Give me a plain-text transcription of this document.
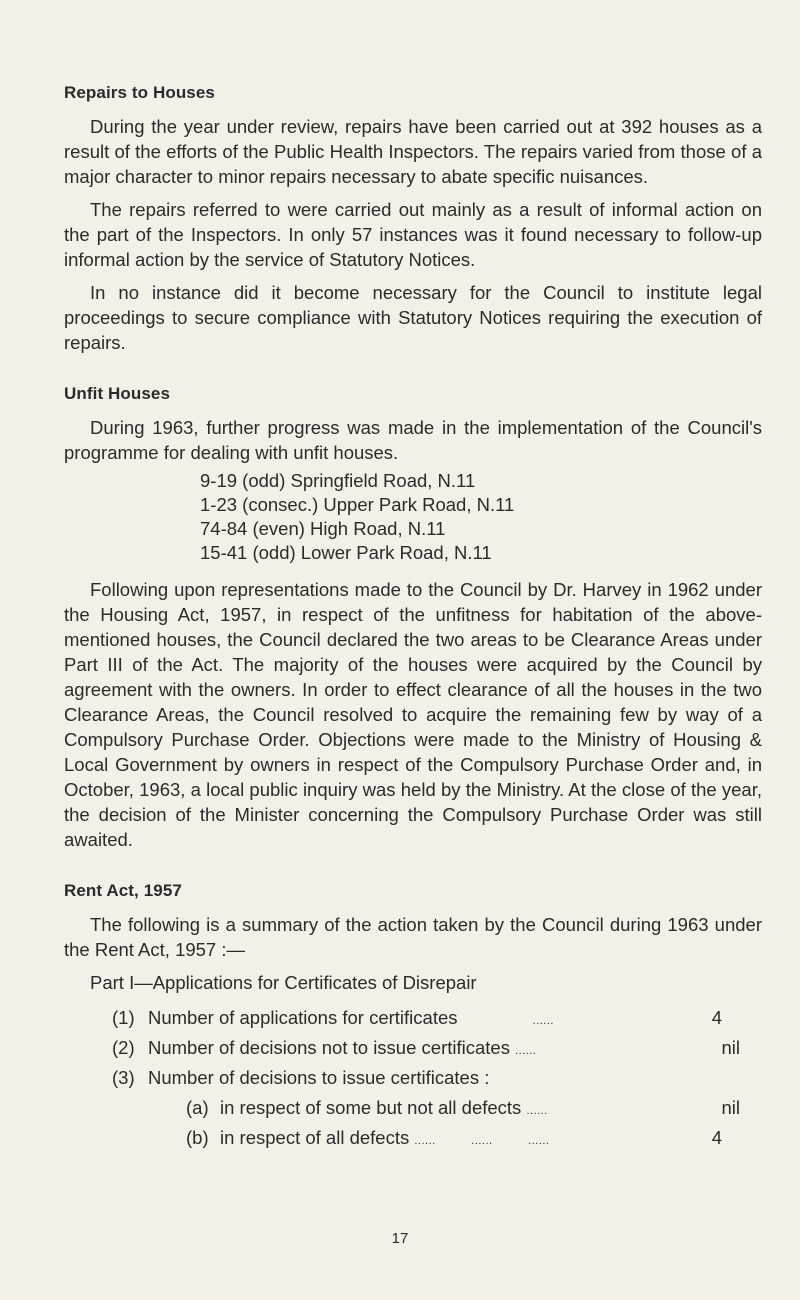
Repairs to Houses

During the year under review, repairs have been carried out at 392 houses as a result of the efforts of the Public Health Inspectors. The repairs varied from those of a major character to minor repairs necessary to abate specific nuisances.

The repairs referred to were carried out mainly as a result of informal action on the part of the Inspectors. In only 57 instances was it found necessary to follow-up informal action by the service of Statutory Notices.

In no instance did it become necessary for the Council to institute legal proceedings to secure compliance with Statutory Notices requiring the execution of repairs.

Unfit Houses

During 1963, further progress was made in the implementation of the Council's programme for dealing with unfit houses.

9-19 (odd) Springfield Road, N.11
1-23 (consec.) Upper Park Road, N.11
74-84 (even) High Road, N.11
15-41 (odd) Lower Park Road, N.11

Following upon representations made to the Council by Dr. Harvey in 1962 under the Housing Act, 1957, in respect of the unfitness for habitation of the above-mentioned houses, the Council declared the two areas to be Clearance Areas under Part III of the Act. The majority of the houses were acquired by the Council by agreement with the owners. In order to effect clearance of all the houses in the two Clearance Areas, the Council resolved to acquire the remaining few by way of a Compulsory Purchase Order. Objections were made to the Ministry of Housing & Local Government by owners in respect of the Compulsory Purchase Order and, in October, 1963, a local public inquiry was held by the Ministry. At the close of the year, the decision of the Minister concerning the Compulsory Purchase Order was still awaited.

Rent Act, 1957

The following is a summary of the action taken by the Council during 1963 under the Rent Act, 1957 :—

Part I—Applications for Certificates of Disrepair
(1) Number of applications for certificates	......	4
(2) Number of decisions not to issue certificates ......	nil
(3) Number of decisions to issue certificates :
(a) in respect of some but not all defects ......	nil
(b) in respect of all defects ......          ......          ......	4
17
